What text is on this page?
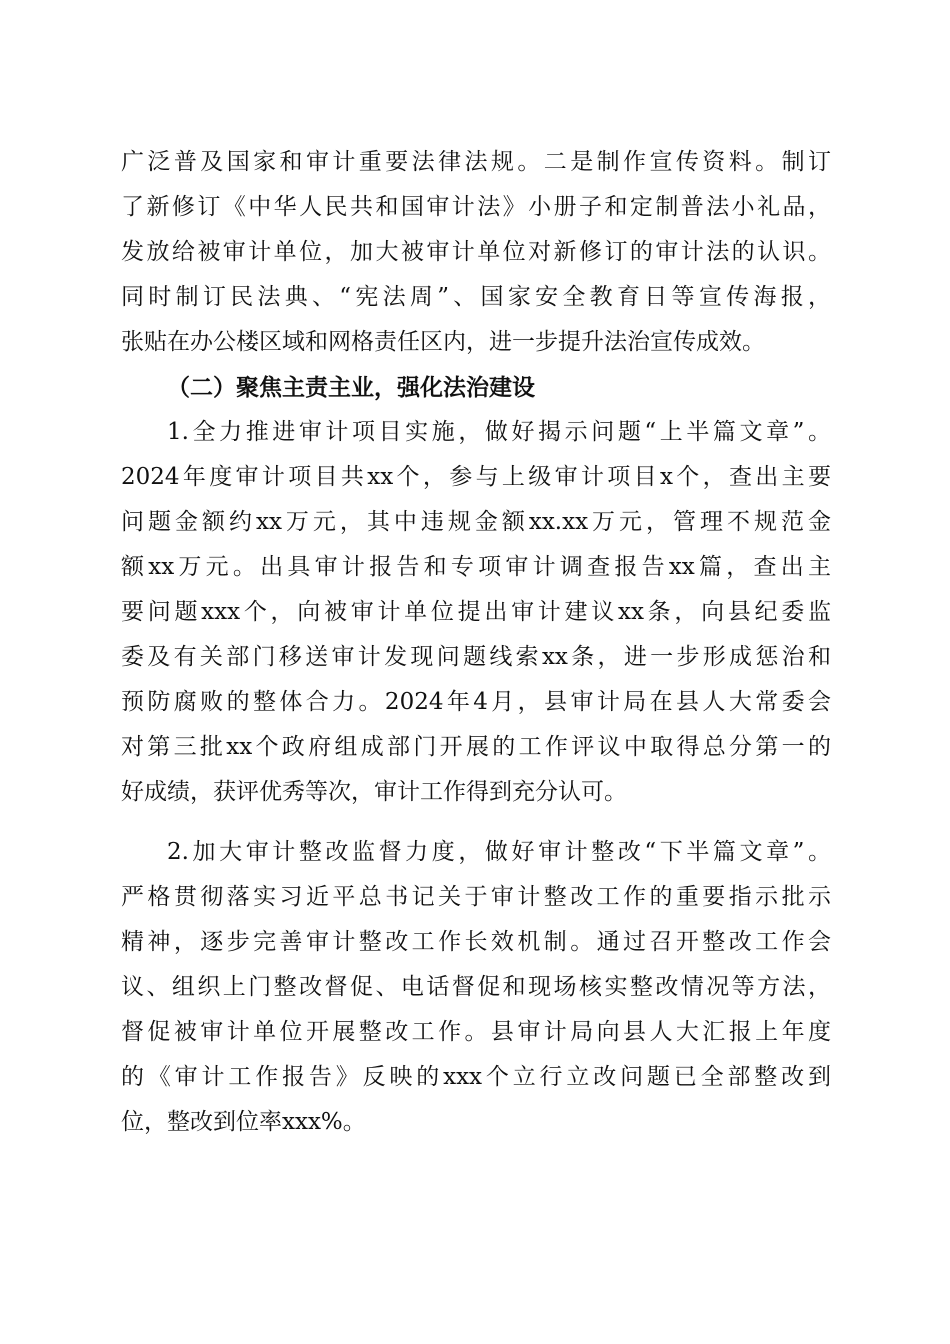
广泛普及国家和审计重要法律法规。二是制作宣传资料。制订
了新修订《中华人民共和国审计法》小册子和定制普法小礼品，
发放给被审计单位，加大被审计单位对新修订的审计法的认识。
同时制订民法典、“宪法周”、国家安全教育日等宣传海报，
张贴在办公楼区域和网格责任区内，进一步提升法治宣传成效。
（二）聚焦主责主业，强化法治建设
1.全力推进审计项目实施，做好揭示问题“上半篇文章”。
2024年度审计项目共xx个，参与上级审计项目x个，查出主要
问题金额约xx万元，其中违规金额xx.xx万元，管理不规范金
额xx万元。出具审计报告和专项审计调查报告xx篇，查出主
要问题xxx个，向被审计单位提出审计建议xx条，向县纪委监
委及有关部门移送审计发现问题线索xx条，进一步形成惩治和
预防腐败的整体合力。2024年4月，县审计局在县人大常委会
对第三批xx个政府组成部门开展的工作评议中取得总分第一的
好成绩，获评优秀等次，审计工作得到充分认可。
2.加大审计整改监督力度，做好审计整改“下半篇文章”。
严格贯彻落实习近平总书记关于审计整改工作的重要指示批示
精神，逐步完善审计整改工作长效机制。通过召开整改工作会
议、组织上门整改督促、电话督促和现场核实整改情况等方法，
督促被审计单位开展整改工作。县审计局向县人大汇报上年度
的《审计工作报告》反映的xxx个立行立改问题已全部整改到
位，整改到位率xxx%。
